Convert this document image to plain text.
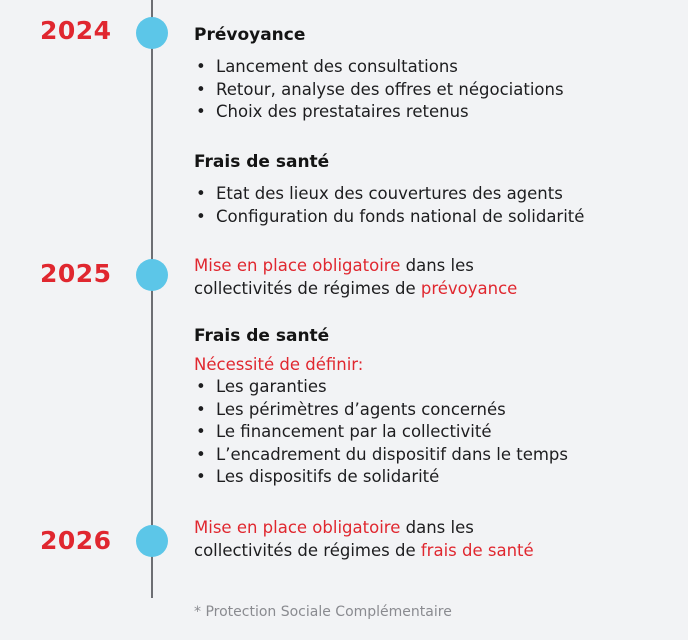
2024	Prévoyance
• Lancement des consultations
• Retour, analyse des offres et négociations
• Choix des prestataires retenus
Frais de santé
• Etat des lieux des couvertures des agents
• Configuration du fonds national de solidarité
2025	Mise en place obligatoire dans les
collectivités de régimes de prévoyance
Frais de santé
Nécessité de définir:
• Les garanties
• Les périmètres d’agents concernés
• Le financement par la collectivité
• L’encadrement du dispositif dans le temps
• Les dispositifs de solidarité
2026	Mise en place obligatoire dans les
collectivités de régimes de frais de santé
* Protection Sociale Complémentaire
